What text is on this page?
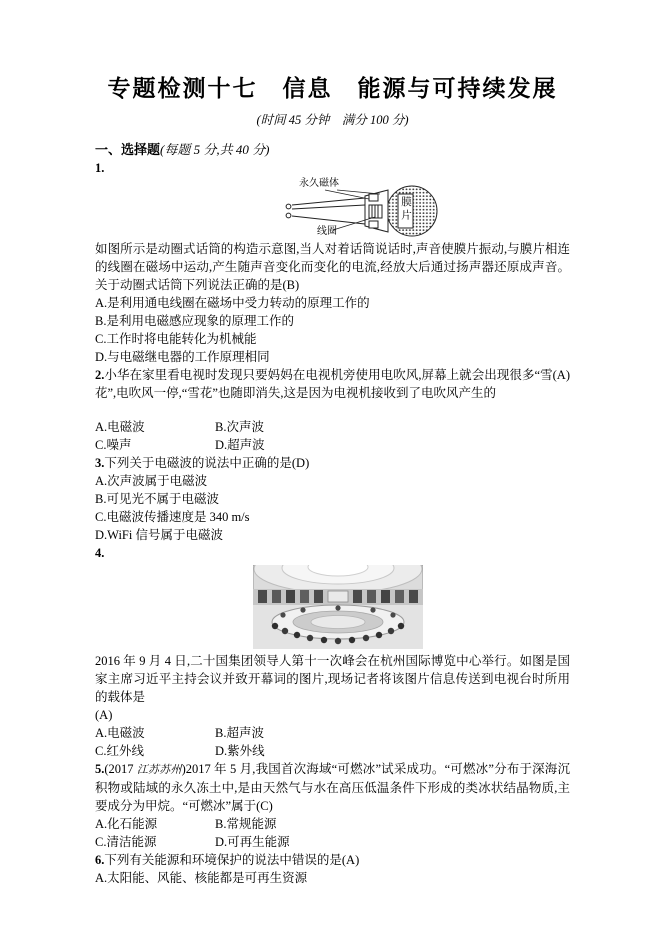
专题检测十七　信息　能源与可持续发展
(时间 45 分钟　满分 100 分)
一、选择题(每题 5 分,共 40 分)
1.
永久磁体
膜片
线圈

如图所示是动圈式话筒的构造示意图,当人对着话筒说话时,声音使膜片振动,与膜片相连的线圈在磁场中运动,产生随声音变化而变化的电流,经放大后通过扬声器还原成声音。关于动圈式话筒下列说法正确的是(B)

A.是利用通电线圈在磁场中受力转动的原理工作的
B.是利用电磁感应现象的原理工作的
C.工作时将电能转化为机械能
D.与电磁继电器的工作原理相同

(A)
2.小华在家里看电视时发现只要妈妈在电视机旁使用电吹风,屏幕上就会出现很多“雪花”,电吹风一停,“雪花”也随即消失,这是因为电视机接收到了电吹风产生的

A.电磁波	B.次声波
C.噪声	D.超声波

3.下列关于电磁波的说法中正确的是(D)

A.次声波属于电磁波
B.可见光不属于电磁波
C.电磁波传播速度是 340 m/s
D.WiFi 信号属于电磁波
4.

2016 年 9 月 4 日,二十国集团领导人第十一次峰会在杭州国际博览中心举行。如图是国家主席习近平主持会议并致开幕词的图片,现场记者将该图片信息传送到电视台时所用的载体是
(A)

A.电磁波	B.超声波
C.红外线	D.紫外线

5.(2017 江苏苏州)2017 年 5 月,我国首次海域“可燃冰”试采成功。“可燃冰”分布于深海沉积物或陆域的永久冻土中,是由天然气与水在高压低温条件下形成的类冰状结晶物质,主要成分为甲烷。“可燃冰”属于(C)

A.化石能源	B.常规能源
C.清洁能源	D.可再生能源

6.下列有关能源和环境保护的说法中错误的是(A)

A.太阳能、风能、核能都是可再生资源
